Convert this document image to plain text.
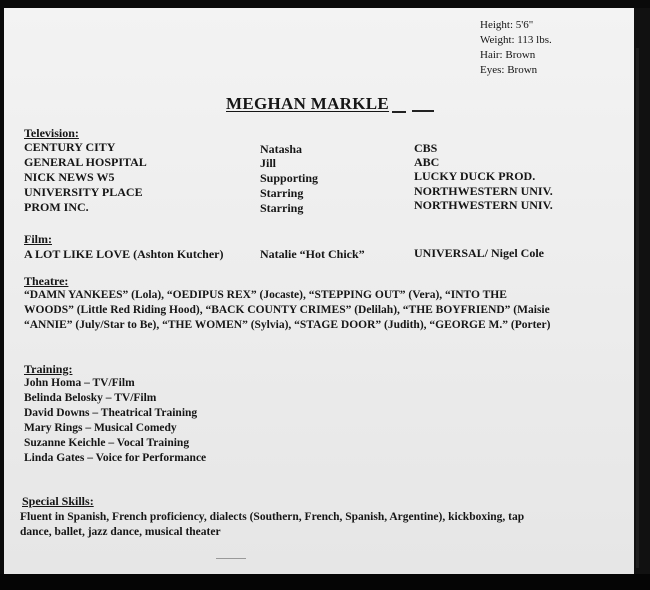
Height: 5'6"
Weight: 113 lbs.
Hair: Brown
Eyes: Brown
MEGHAN MARKLE
Television:
CENTURY CITY	Natasha	CBS
GENERAL HOSPITAL	Jill	ABC
NICK NEWS W5	Supporting	LUCKY DUCK PROD.
UNIVERSITY PLACE	Starring	NORTHWESTERN UNIV.
PROM INC.	Starring	NORTHWESTERN UNIV.
Film:
A LOT LIKE LOVE (Ashton Kutcher)	Natalie “Hot Chick”	UNIVERSAL/ Nigel Cole
Theatre:
“DAMN YANKEES” (Lola), “OEDIPUS REX” (Jocaste), “STEPPING OUT” (Vera), “INTO THE
WOODS” (Little Red Riding Hood), “BACK COUNTY CRIMES” (Delilah), “THE BOYFRIEND” (Maisie
“ANNIE” (July/Star to Be), “THE WOMEN” (Sylvia), “STAGE DOOR” (Judith), “GEORGE M.” (Porter)
Training:
John Homa – TV/Film
Belinda Belosky – TV/Film
David Downs – Theatrical Training
Mary Rings – Musical Comedy
Suzanne Keichle – Vocal Training
Linda Gates – Voice for Performance
Special Skills:
Fluent in Spanish, French proficiency, dialects (Southern, French, Spanish, Argentine), kickboxing, tap
dance, ballet, jazz dance, musical theater
